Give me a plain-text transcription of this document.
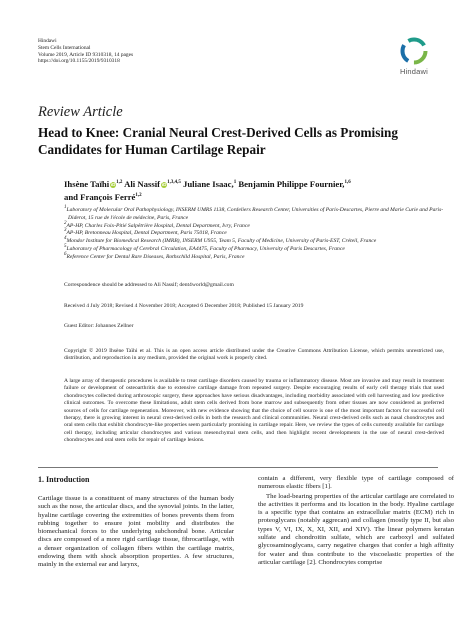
Hindawi
Stem Cells International
Volume 2019, Article ID 9310318, 14 pages
https://doi.org/10.1155/2019/9310318
Hindawi
Review Article
Head to Knee: Cranial Neural Crest-Derived Cells as Promising Candidates for Human Cartilage Repair
Ihsène Taïhi iD$^{1,2}$ Ali Nassif iD$^{1,3,4,5}$ Juliane Isaac,$^1$ Benjamin Philippe Fournier,$^{1,6}$
and François Ferré$^{1,2}$

$^1$Laboratory of Molecular Oral Pathophysiology, INSERM UMRS 1138, Cordeliers Research Center, Universities of Paris-Descartes, Pierre and Marie Curie and Paris-Diderot, 15 rue de l'école de médecine, Paris, France

$^2$AP-HP, Charles Foix-Pitié Salpêtrière Hospital, Dental Department, Ivry, France

$^3$AP-HP, Bretonneau Hospital, Dental Department, Paris 75018, France

$^4$Mondor Institute for Biomedical Research (IMRB), INSERM U955, Team 5, Faculty of Medicine, University of Paris-EST, Créteil, France

$^5$Laboratory of Pharmacology of Cerebral Circulation, EA4475, Faculty of Pharmacy, University of Paris Descartes, France

$^6$Reference Center for Dental Rare Diseases, Rothschild Hospital, Paris, France

Correspondence should be addressed to Ali Nassif; dent4world@gmail.com
Received 4 July 2018; Revised 4 November 2018; Accepted 6 December 2018; Published 15 January 2019
Guest Editor: Johannes Zellner
Copyright © 2019 Ihsène Taïhi et al. This is an open access article distributed under the Creative Commons Attribution License, which permits unrestricted use, distribution, and reproduction in any medium, provided the original work is properly cited.
A large array of therapeutic procedures is available to treat cartilage disorders caused by trauma or inflammatory disease. Most are invasive and may result in treatment failure or development of osteoarthritis due to extensive cartilage damage from repeated surgery. Despite encouraging results of early cell therapy trials that used chondrocytes collected during arthroscopic surgery, these approaches have serious disadvantages, including morbidity associated with cell harvesting and low predictive clinical outcomes. To overcome these limitations, adult stem cells derived from bone marrow and subsequently from other tissues are now considered as preferred sources of cells for cartilage regeneration. Moreover, with new evidence showing that the choice of cell source is one of the most important factors for successful cell therapy, there is growing interest in neural crest-derived cells in both the research and clinical communities. Neural crest-derived cells such as nasal chondrocytes and oral stem cells that exhibit chondrocyte-like properties seem particularly promising in cartilage repair. Here, we review the types of cells currently available for cartilage cell therapy, including articular chondrocytes and various mesenchymal stem cells, and then highlight recent developments in the use of neural crest-derived chondrocytes and oral stem cells for repair of cartilage lesions.
1. Introduction

Cartilage tissue is a constituent of many structures of the human body such as the nose, the articular discs, and the synovial joints. In the latter, hyaline cartilage covering the extremities of bones prevents them from rubbing together to ensure joint mobility and distributes the biomechanical forces to the underlying subchondral bone. Articular discs are composed of a more rigid cartilage tissue, fibrocartilage, with a denser organization of collagen fibers within the cartilage matrix, endowing them with shock absorption properties. A few structures, mainly in the external ear and larynx,

contain a different, very flexible type of cartilage composed of numerous elastic fibers [1].

The load-bearing properties of the articular cartilage are correlated to the activities it performs and its location in the body. Hyaline cartilage is a specific type that contains an extracellular matrix (ECM) rich in proteoglycans (notably aggrecan) and collagen (mostly type II, but also types V, VI, IX, X, XI, XII, and XIV). The linear polymers keratan sulfate and chondroitin sulfate, which are carboxyl and sulfated glycosaminoglycans, carry negative charges that confer a high affinity for water and thus contribute to the viscoelastic properties of the articular cartilage [2]. Chondrocytes comprise
